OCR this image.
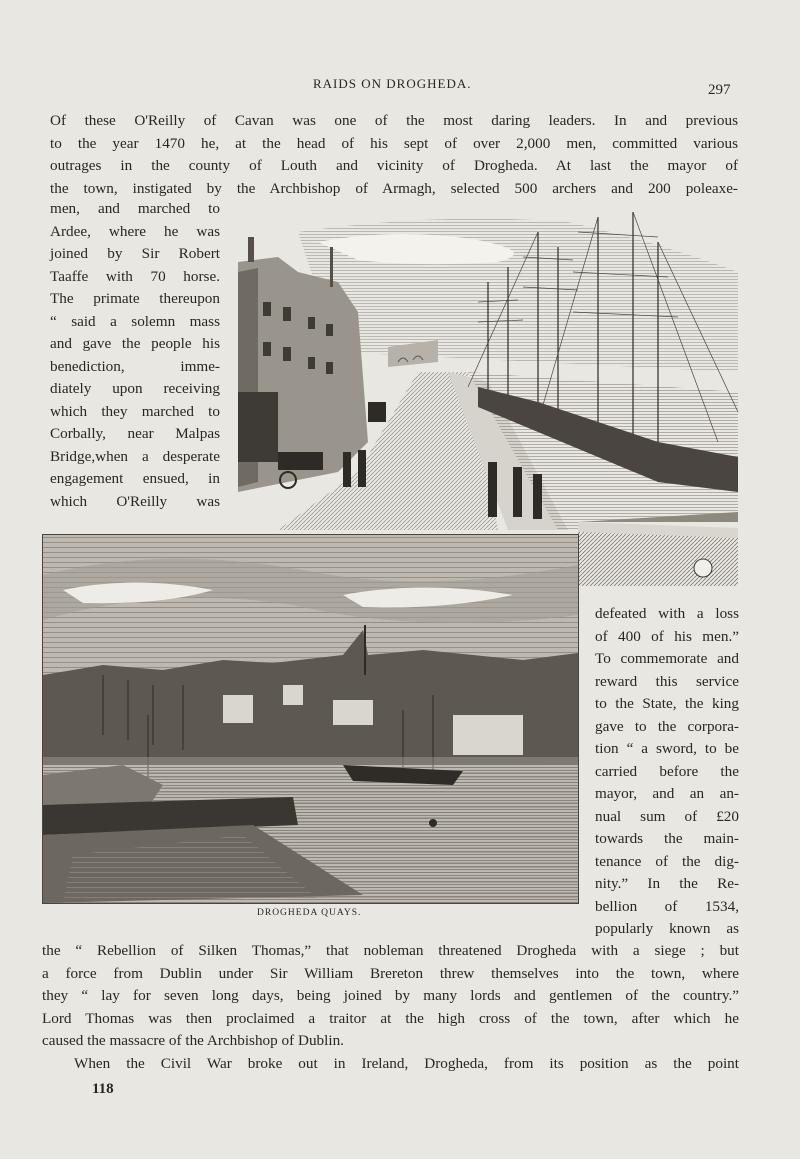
RAIDS ON DROGHEDA.	297
Of these O'Reilly of Cavan was one of the most daring leaders. In and previous
to the year 1470 he, at the head of his sept of over 2,000 men, committed various
outrages in the county of Louth and vicinity of Drogheda. At last the mayor of
the town, instigated by the Archbishop of Armagh, selected 500 archers and 200 poleaxe-
men, and marched to
Ardee, where he was
joined by Sir Robert
Taaffe with 70 horse.
The primate thereupon
“ said a solemn mass
and gave the people his
benediction, imme-
diately upon receiving
which they marched to
Corbally, near Malpas
Bridge,when a desperate
engagement ensued, in
which O'Reilly was
DROGHEDA QUAYS.
defeated with a loss
of 400 of his men.”
To commemorate and
reward this service
to the State, the king
gave to the corpora-
tion “ a sword, to be
carried before the
mayor, and an an-
nual sum of £20
towards the main-
tenance of the dig-
nity.” In the Re-
bellion of 1534,
popularly known as
the “ Rebellion of Silken Thomas,” that nobleman threatened Drogheda with a siege ; but
a force from Dublin under Sir William Brereton threw themselves into the town, where
they “ lay for seven long days, being joined by many lords and gentlemen of the country.”
Lord Thomas was then proclaimed a traitor at the high cross of the town, after which he
caused the massacre of the Archbishop of Dublin.
When the Civil War broke out in Ireland, Drogheda, from its position as the point
118
